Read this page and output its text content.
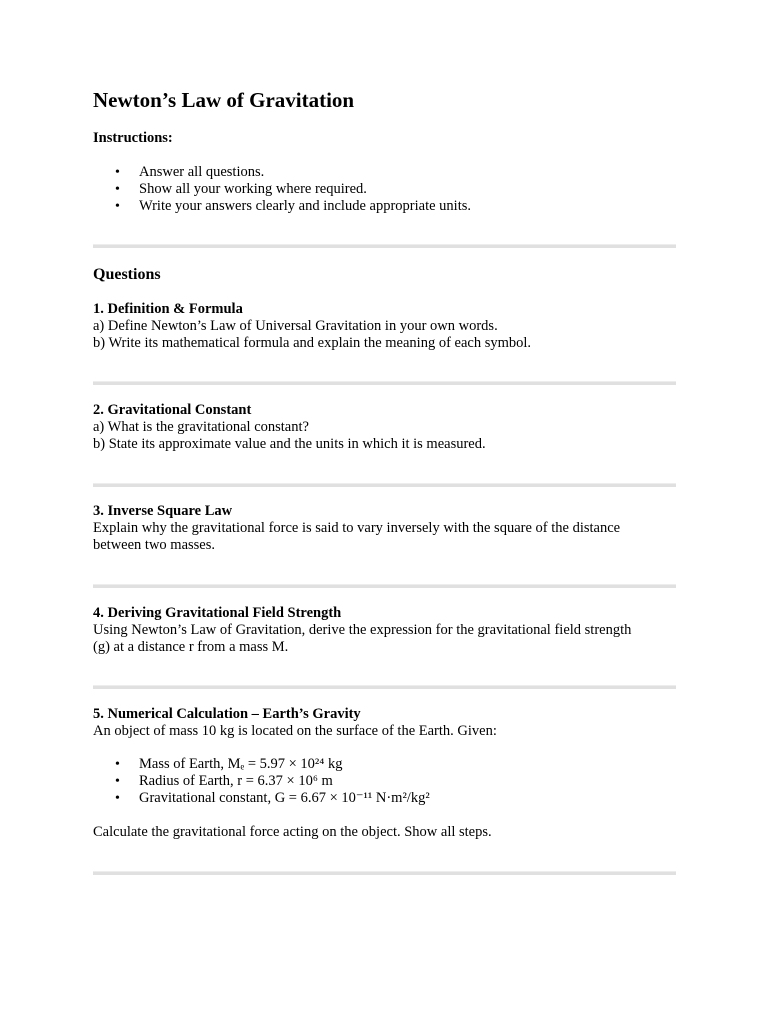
Newton’s Law of Gravitation
Instructions:
• Answer all questions.
• Show all your working where required.
• Write your answers clearly and include appropriate units.
Questions
1. Definition & Formula
a) Define Newton’s Law of Universal Gravitation in your own words.
b) Write its mathematical formula and explain the meaning of each symbol.
2. Gravitational Constant
a) What is the gravitational constant?
b) State its approximate value and the units in which it is measured.
3. Inverse Square Law
Explain why the gravitational force is said to vary inversely with the square of the distance
between two masses.
4. Deriving Gravitational Field Strength
Using Newton’s Law of Gravitation, derive the expression for the gravitational field strength
(g) at a distance r from a mass M.
5. Numerical Calculation – Earth’s Gravity
An object of mass 10 kg is located on the surface of the Earth. Given:
• Mass of Earth, Mₑ = 5.97 × 10²⁴ kg
• Radius of Earth, r = 6.37 × 10⁶ m
• Gravitational constant, G = 6.67 × 10⁻¹¹ N·m²/kg²
Calculate the gravitational force acting on the object. Show all steps.
